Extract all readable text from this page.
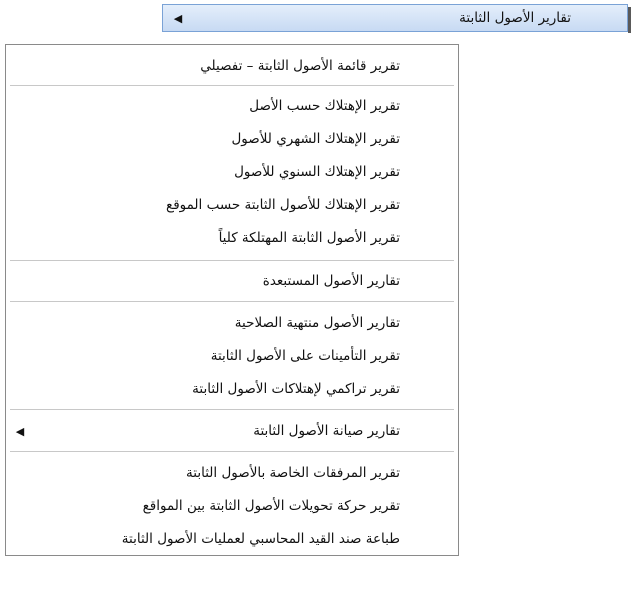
تقارير الأصول الثابتة
◀
تقرير قائمة الأصول الثابتة – تفصيلي
تقرير الإهتلاك حسب الأصل
تقرير الإهتلاك الشهري للأصول
تقرير الإهتلاك السنوي للأصول
تقرير الإهتلاك للأصول الثابتة حسب الموقع
تقرير الأصول الثابتة المهتلكة كلياً
تقارير الأصول المستبعدة
تقارير الأصول منتهية الصلاحية
تقرير التأمينات على الأصول الثابتة
تقرير تراكمي لإهتلاكات الأصول الثابتة
تقارير صيانة الأصول الثابتة
◀
تقرير المرفقات الخاصة بالأصول الثابتة
تقرير حركة تحويلات الأصول الثابتة بين المواقع
طباعة صند القيد المحاسبي لعمليات الأصول الثابتة
